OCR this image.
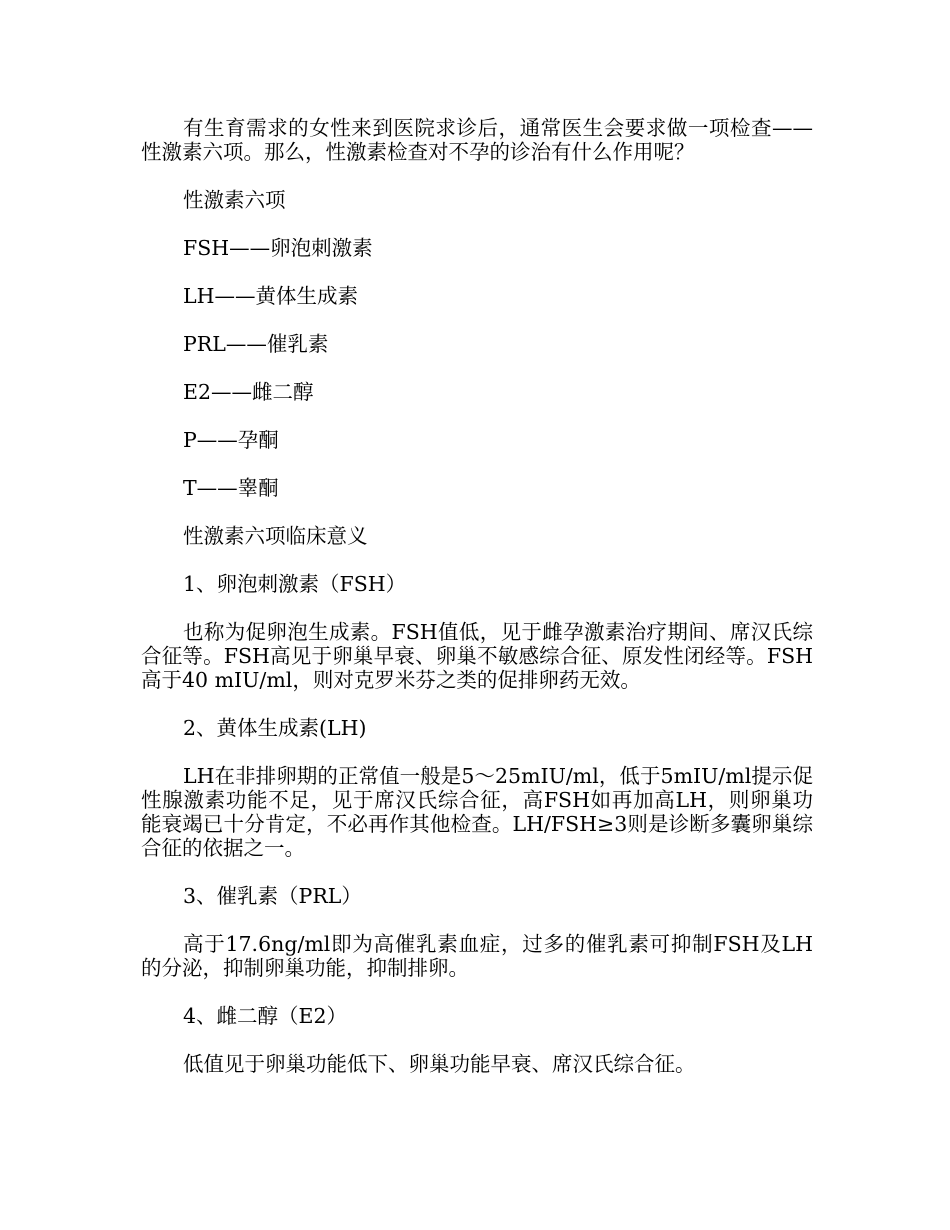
有生育需求的女性来到医院求诊后，通常医生会要求做一项检查——性激素六项。那么，性激素检查对不孕的诊治有什么作用呢？

性激素六项

FSH——卵泡刺激素

LH——黄体生成素

PRL——催乳素

E2——雌二醇

P——孕酮

T——睾酮

性激素六项临床意义

1、卵泡刺激素（FSH）

也称为促卵泡生成素。FSH值低，见于雌孕激素治疗期间、席汉氏综合征等。FSH高见于卵巢早衰、卵巢不敏感综合征、原发性闭经等。FSH高于40 mIU/ml，则对克罗米芬之类的促排卵药无效。

2、黄体生成素(LH)

LH在非排卵期的正常值一般是5～25mIU/ml，低于5mIU/ml提示促性腺激素功能不足，见于席汉氏综合征，高FSH如再加高LH，则卵巢功能衰竭已十分肯定，不必再作其他检查。LH/FSH≥3则是诊断多囊卵巢综合征的依据之一。

3、催乳素（PRL）

高于17.6ng/ml即为高催乳素血症，过多的催乳素可抑制FSH及LH的分泌，抑制卵巢功能，抑制排卵。

4、雌二醇（E2）

低值见于卵巢功能低下、卵巢功能早衰、席汉氏综合征。
